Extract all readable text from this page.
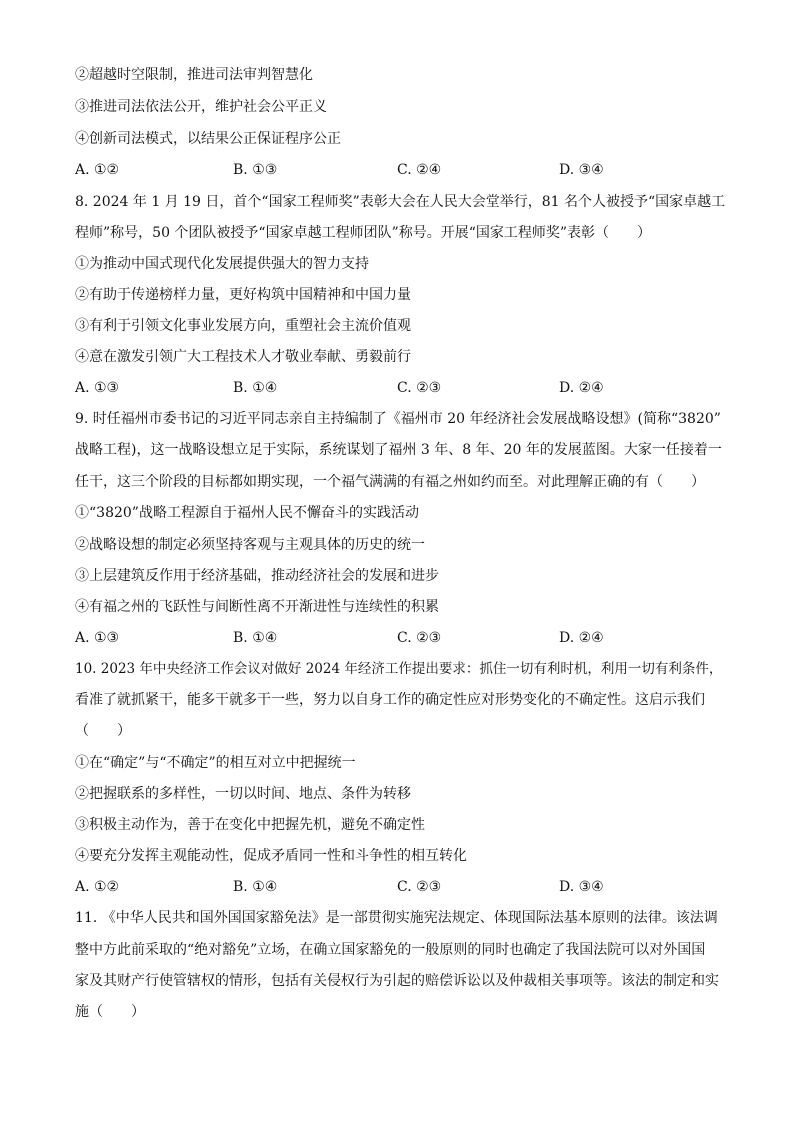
②超越时空限制，推进司法审判智慧化
③推进司法依法公开，维护社会公平正义
④创新司法模式，以结果公正保证程序公正
A. ①②	B. ①③	C. ②④	D. ③④
8. 2024 年 1 月 19 日，首个“国家工程师奖”表彰大会在人民大会堂举行，81 名个人被授予“国家卓越工
程师”称号，50 个团队被授予“国家卓越工程师团队”称号。开展“国家工程师奖”表彰（　　）
①为推动中国式现代化发展提供强大的智力支持
②有助于传递榜样力量，更好构筑中国精神和中国力量
③有利于引领文化事业发展方向，重塑社会主流价值观
④意在激发引领广大工程技术人才敬业奉献、勇毅前行
A. ①③	B. ①④	C. ②③	D. ②④
9. 时任福州市委书记的习近平同志亲自主持编制了《福州市 20 年经济社会发展战略设想》(简称“3820”
战略工程)，这一战略设想立足于实际，系统谋划了福州 3 年、8 年、20 年的发展蓝图。大家一任接着一
任干，这三个阶段的目标都如期实现，一个福气满满的有福之州如约而至。对此理解正确的有（　　）
①“3820”战略工程源自于福州人民不懈奋斗的实践活动
②战略设想的制定必须坚持客观与主观具体的历史的统一
③上层建筑反作用于经济基础，推动经济社会的发展和进步
④有福之州的飞跃性与间断性离不开渐进性与连续性的积累
A. ①③	B. ①④	C. ②③	D. ②④
10. 2023 年中央经济工作会议对做好 2024 年经济工作提出要求：抓住一切有利时机，利用一切有利条件，
看准了就抓紧干，能多干就多干一些，努力以自身工作的确定性应对形势变化的不确定性。这启示我们
（　　）
①在“确定”与“不确定”的相互对立中把握统一
②把握联系的多样性，一切以时间、地点、条件为转移
③积极主动作为，善于在变化中把握先机，避免不确定性
④要充分发挥主观能动性，促成矛盾同一性和斗争性的相互转化
A. ①②	B. ①④	C. ②③	D. ③④
11. 《中华人民共和国外国国家豁免法》是一部贯彻实施宪法规定、体现国际法基本原则的法律。该法调
整中方此前采取的“绝对豁免”立场，在确立国家豁免的一般原则的同时也确定了我国法院可以对外国国
家及其财产行使管辖权的情形，包括有关侵权行为引起的赔偿诉讼以及仲裁相关事项等。该法的制定和实
施（　　）
